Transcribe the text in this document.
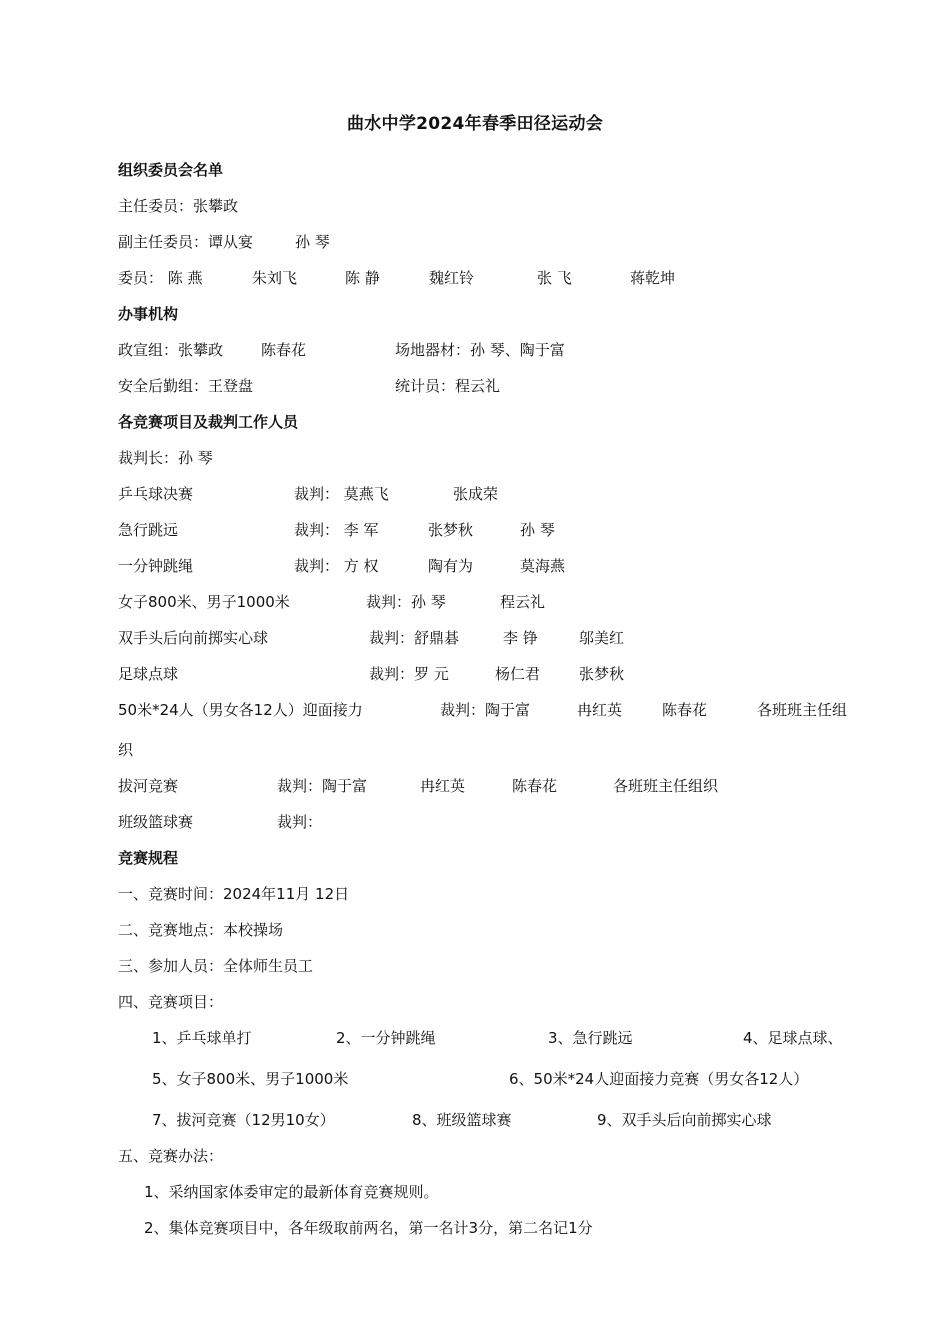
曲水中学2024年春季田径运动会
组织委员会名单
主任委员：张攀政
副主任委员：谭从宴	孙 琴
委员： 陈 燕	朱刘飞	陈 静	魏红铃	张 飞	蒋乾坤
办事机构
政宣组：张攀政	陈春花	场地器材：孙 琴、陶于富
安全后勤组：王登盘	统计员：程云礼
各竞赛项目及裁判工作人员
裁判长：孙 琴
乒乓球决赛	裁判： 莫燕飞	张成荣
急行跳远	裁判： 李 军	张梦秋	孙 琴
一分钟跳绳	裁判： 方 权	陶有为	莫海燕
女子800米、男子1000米	裁判：孙 琴	程云礼
双手头后向前掷实心球	裁判：舒鼎碁	李 铮	邬美红
足球点球	裁判：罗 元	杨仁君	张梦秋
50米*24人（男女各12人）迎面接力	裁判：陶于富	冉红英	陈春花	各班班主任组
织
拔河竞赛	裁判：陶于富	冉红英	陈春花	各班班主任组织
班级篮球赛	裁判：
竞赛规程
一、竞赛时间：2024年11月 12日
二、竞赛地点：本校操场
三、参加人员：全体师生员工
四、竞赛项目：
1、乒乓球单打	2、一分钟跳绳	3、急行跳远	4、足球点球、
5、女子800米、男子1000米	6、50米*24人迎面接力竞赛（男女各12人）
7、拔河竞赛（12男10女）	8、班级篮球赛	9、双手头后向前掷实心球
五、竞赛办法：
1、采纳国家体委审定的最新体育竞赛规则。
2、集体竞赛项目中，各年级取前两名，第一名计3分，第二名记1分
